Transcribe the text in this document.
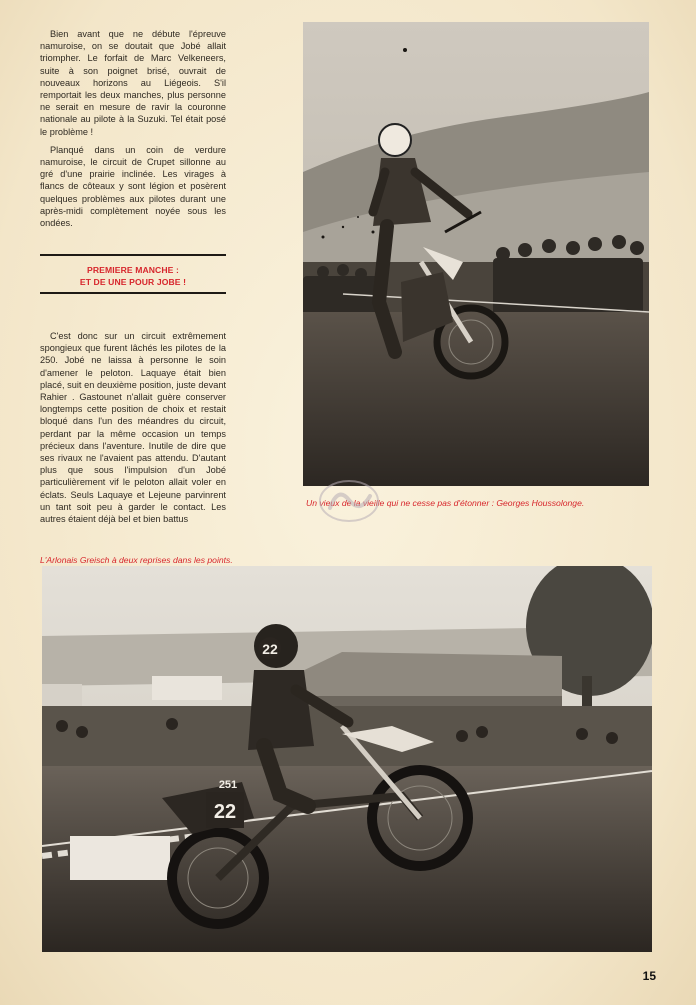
Bien avant que ne débute l'épreuve namuroise, on se doutait que Jobé allait triompher. Le forfait de Marc Velkeneers, suite à son poignet brisé, ouvrait de nouveaux horizons au Liégeois. S'il remportait les deux manches, plus personne ne serait en mesure de ravir la couronne nationale au pilote à la Suzuki. Tel était posé le problème !

Planqué dans un coin de verdure namuroise, le circuit de Crupet sillonne au gré d'une prairie inclinée. Les virages à flancs de côteaux y sont légion et posèrent quelques problèmes aux pilotes durant une après-midi complètement noyée sous les ondées.

PREMIERE MANCHE :
ET DE UNE POUR JOBE !

C'est donc sur un circuit extrêmement spongieux que furent lâchés les pilotes de la 250. Jobé ne laissa à personne le soin d'amener le peloton. Laquaye était bien placé, suit en deuxième position, juste devant Rahier . Gastounet n'allait guère conserver longtemps cette position de choix et restait bloqué dans l'un des méandres du circuit, perdant par la même occasion un temps précieux dans l'aventure. Inutile de dire que ses rivaux ne l'avaient pas attendu. D'autant plus que sous l'impulsion d'un Jobé particulièrement vif le peloton allait voler en éclats. Seuls Laquaye et Lejeune parvinrent un tant soit peu à garder le contact. Les autres étaient déjà bel et bien battus

Un vieux de la vieille qui ne cesse pas d'étonner : Georges Houssolonge.
L'Arlonais Greisch à deux reprises dans les points.
22
251
22
15
